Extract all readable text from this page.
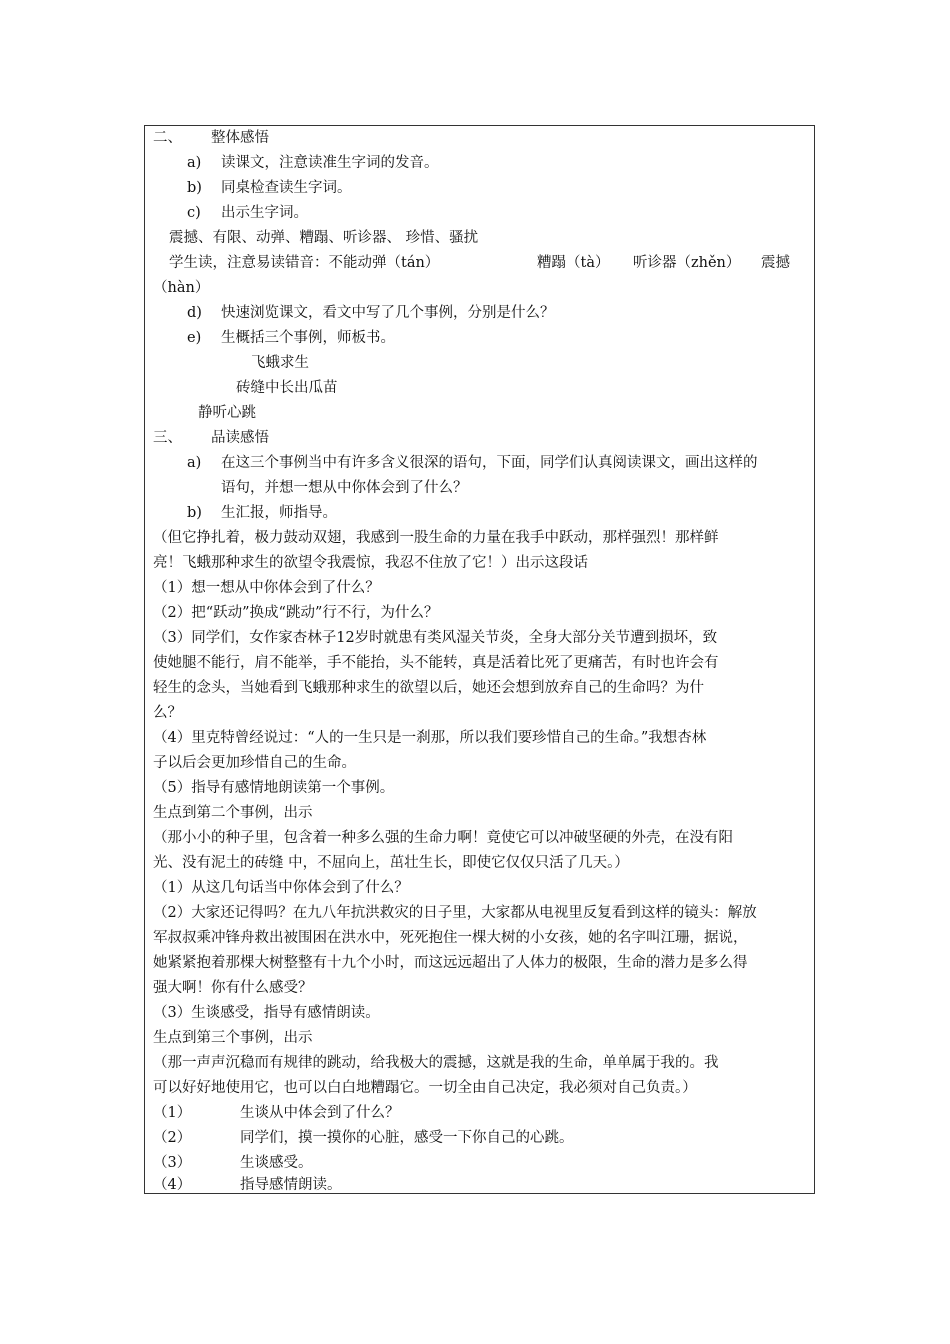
二、 整体感悟
a) 读课文，注意读准生字词的发音。
b) 同桌检查读生字词。
c) 出示生字词。
震撼、有限、动弹、糟蹋、听诊器、 珍惜、骚扰
学生读，注意易读错音：不能动弹（tán）	糟蹋（tà） 听诊器（zhěn） 震撼
（hàn）
d) 快速浏览课文，看文中写了几个事例，分别是什么？
e) 生概括三个事例，师板书。
飞蛾求生
砖缝中长出瓜苗
静听心跳
三、 品读感悟
a) 在这三个事例当中有许多含义很深的语句，下面，同学们认真阅读课文，画出这样的
语句，并想一想从中你体会到了什么？
b) 生汇报，师指导。
（但它挣扎着，极力鼓动双翅，我感到一股生命的力量在我手中跃动，那样强烈！那样鲜
亮！飞蛾那种求生的欲望令我震惊，我忍不住放了它！）出示这段话
（1）想一想从中你体会到了什么？
（2）把“跃动”换成“跳动”行不行，为什么？
（3）同学们，女作家杏林子12岁时就患有类风湿关节炎，全身大部分关节遭到损坏，致
使她腿不能行，肩不能举，手不能抬，头不能转，真是活着比死了更痛苦，有时也许会有
轻生的念头，当她看到飞蛾那种求生的欲望以后，她还会想到放弃自己的生命吗？为什
么？
（4）里克特曾经说过：“人的一生只是一刹那，所以我们要珍惜自己的生命。”我想杏林
子以后会更加珍惜自己的生命。
（5）指导有感情地朗读第一个事例。
生点到第二个事例，出示
（那小小的种子里，包含着一种多么强的生命力啊！竟使它可以冲破坚硬的外壳，在没有阳
光、没有泥土的砖缝 中，不屈向上，茁壮生长，即使它仅仅只活了几天。）
（1）从这几句话当中你体会到了什么？
（2）大家还记得吗？在九八年抗洪救灾的日子里，大家都从电视里反复看到这样的镜头：解放
军叔叔乘冲锋舟救出被围困在洪水中，死死抱住一棵大树的小女孩，她的名字叫江珊，据说，
她紧紧抱着那棵大树整整有十九个小时，而这远远超出了人体力的极限，生命的潜力是多么得
强大啊！你有什么感受？
（3）生谈感受，指导有感情朗读。
生点到第三个事例，出示
（那一声声沉稳而有规律的跳动，给我极大的震撼，这就是我的生命，单单属于我的。我
可以好好地使用它，也可以白白地糟蹋它。一切全由自己决定，我必须对自己负责。）
（1）	生谈从中体会到了什么？
（2）	同学们，摸一摸你的心脏，感受一下你自己的心跳。
（3）	生谈感受。
（4）	指导感情朗读。
